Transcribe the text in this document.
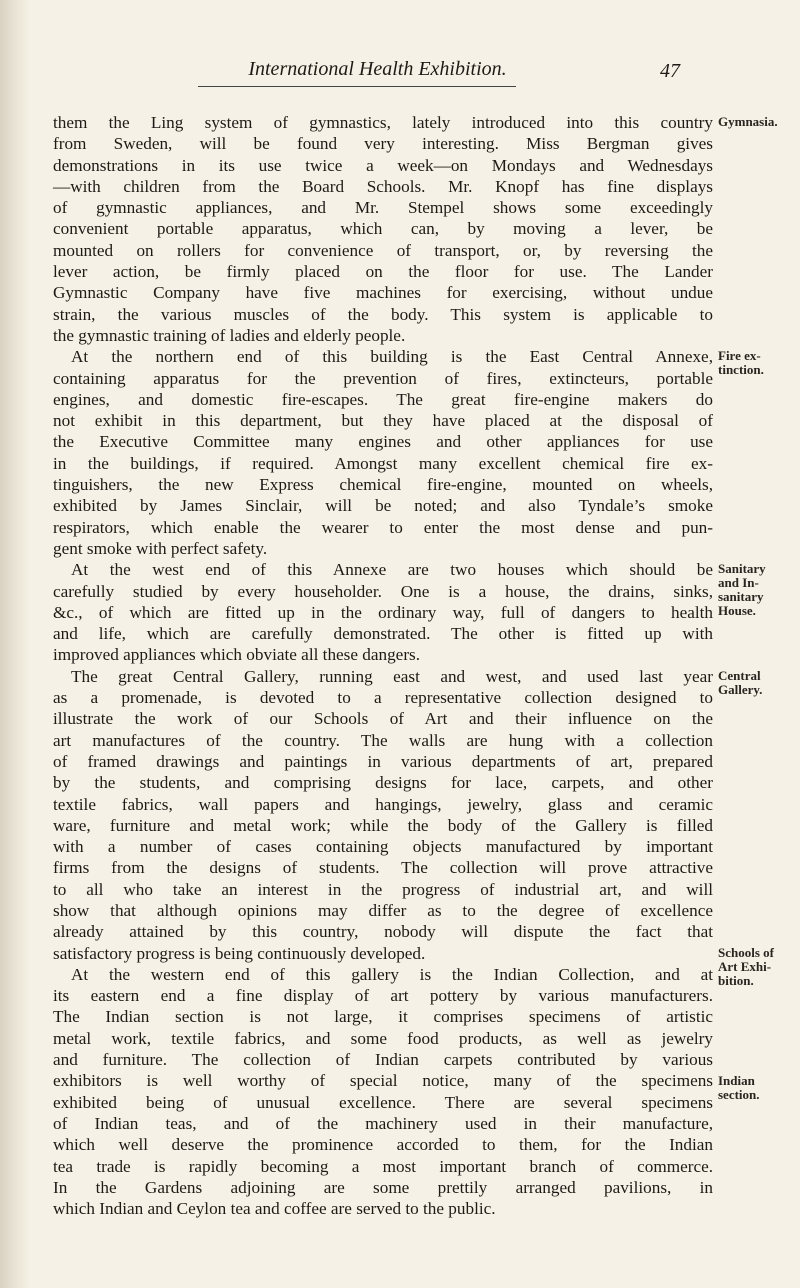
International Health Exhibition.	47
them the Ling system of gymnastics, lately introduced into this country
from Sweden, will be found very interesting. Miss Bergman gives
demonstrations in its use twice a week—on Mondays and Wednesdays
—with children from the Board Schools. Mr. Knopf has fine displays
of gymnastic appliances, and Mr. Stempel shows some exceedingly
convenient portable apparatus, which can, by moving a lever, be
mounted on rollers for convenience of transport, or, by reversing the
lever action, be firmly placed on the floor for use. The Lander
Gymnastic Company have five machines for exercising, without undue
strain, the various muscles of the body. This system is applicable to
the gymnastic training of ladies and elderly people.
At the northern end of this building is the East Central Annexe,
containing apparatus for the prevention of fires, extincteurs, portable
engines, and domestic fire-escapes. The great fire-engine makers do
not exhibit in this department, but they have placed at the disposal of
the Executive Committee many engines and other appliances for use
in the buildings, if required. Amongst many excellent chemical fire ex-
tinguishers, the new Express chemical fire-engine, mounted on wheels,
exhibited by James Sinclair, will be noted; and also Tyndale’s smoke
respirators, which enable the wearer to enter the most dense and pun-
gent smoke with perfect safety.
At the west end of this Annexe are two houses which should be
carefully studied by every householder. One is a house, the drains, sinks,
&c., of which are fitted up in the ordinary way, full of dangers to health
and life, which are carefully demonstrated. The other is fitted up with
improved appliances which obviate all these dangers.
The great Central Gallery, running east and west, and used last year
as a promenade, is devoted to a representative collection designed to
illustrate the work of our Schools of Art and their influence on the
art manufactures of the country. The walls are hung with a collection
of framed drawings and paintings in various departments of art, prepared
by the students, and comprising designs for lace, carpets, and other
textile fabrics, wall papers and hangings, jewelry, glass and ceramic
ware, furniture and metal work; while the body of the Gallery is filled
with a number of cases containing objects manufactured by important
firms from the designs of students. The collection will prove attractive
to all who take an interest in the progress of industrial art, and will
show that although opinions may differ as to the degree of excellence
already attained by this country, nobody will dispute the fact that
satisfactory progress is being continuously developed.
At the western end of this gallery is the Indian Collection, and at
its eastern end a fine display of art pottery by various manufacturers.
The Indian section is not large, it comprises specimens of artistic
metal work, textile fabrics, and some food products, as well as jewelry
and furniture. The collection of Indian carpets contributed by various
exhibitors is well worthy of special notice, many of the specimens
exhibited being of unusual excellence. There are several specimens
of Indian teas, and of the machinery used in their manufacture,
which well deserve the prominence accorded to them, for the Indian
tea trade is rapidly becoming a most important branch of commerce.
In the Gardens adjoining are some prettily arranged pavilions, in
which Indian and Ceylon tea and coffee are served to the public.
Gymnasia.
Fire ex-
tinction.
Sanitary
and In-
sanitary
House.
Central
Gallery.
Schools of
Art Exhi-
bition.
Indian
section.
